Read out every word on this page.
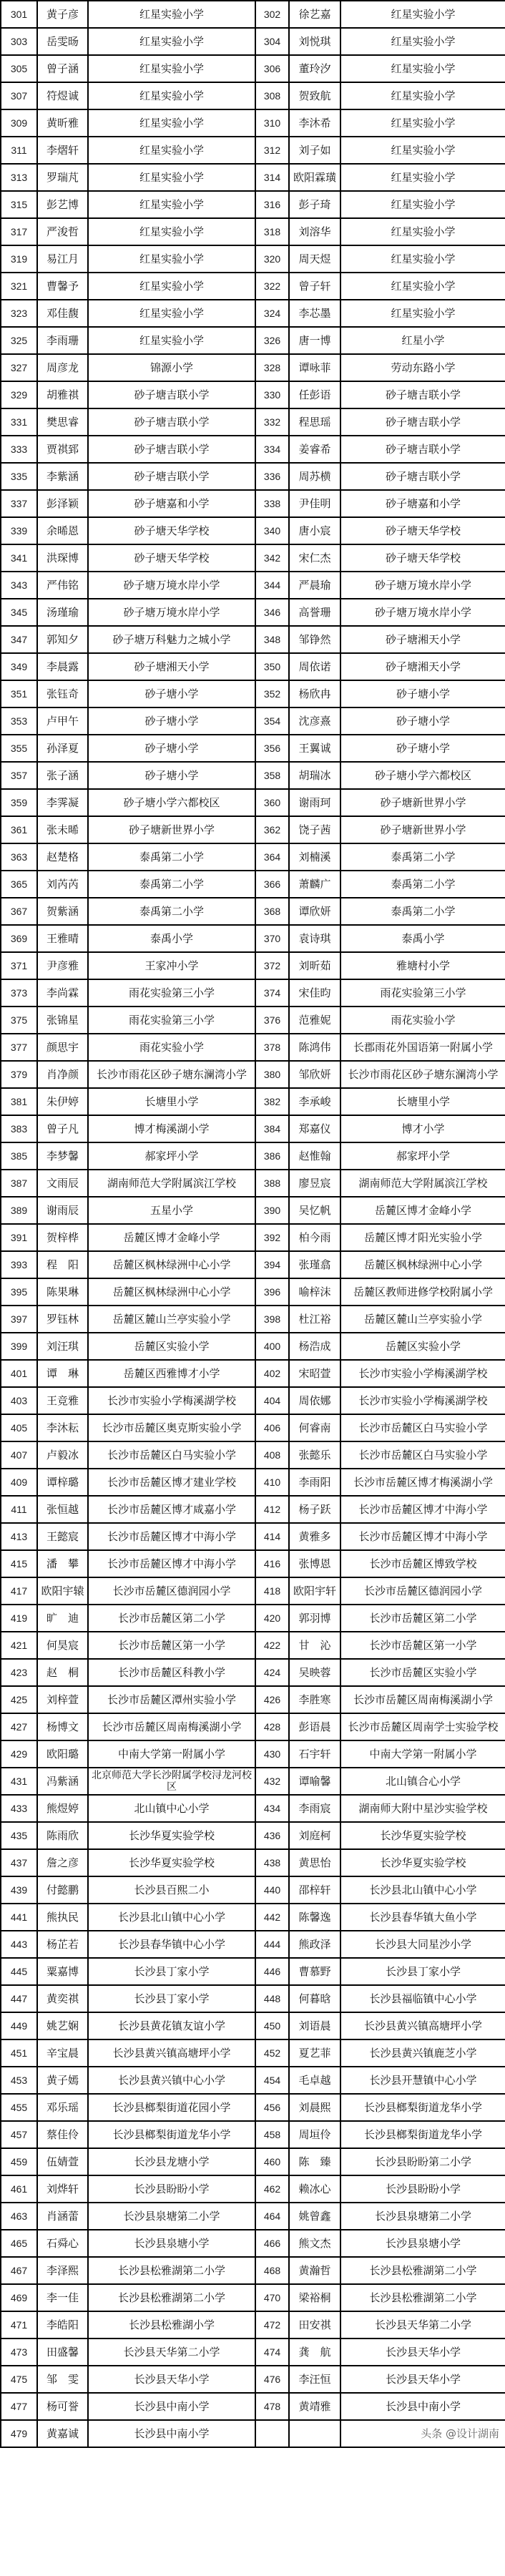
301	黄子彦	红星实验小学	302	徐艺嘉	红星实验小学
303	岳雯旸	红星实验小学	304	刘悦琪	红星实验小学
305	曾子涵	红星实验小学	306	董玲汐	红星实验小学
307	符煜诚	红星实验小学	308	贺致航	红星实验小学
309	黄昕雅	红星实验小学	310	李沐希	红星实验小学
311	李熠轩	红星实验小学	312	刘子如	红星实验小学
313	罗瑞芃	红星实验小学	314	欧阳霖璜	红星实验小学
315	彭艺博	红星实验小学	316	彭子琦	红星实验小学
317	严浚哲	红星实验小学	318	刘溶华	红星实验小学
319	易江月	红星实验小学	320	周天煜	红星实验小学
321	曹馨予	红星实验小学	322	曾子轩	红星实验小学
323	邓佳馥	红星实验小学	324	李芯墨	红星实验小学
325	李雨珊	红星实验小学	326	唐一博	红星小学
327	周彦龙	锦源小学	328	谭咏菲	劳动东路小学
329	胡雅祺	砂子塘吉联小学	330	任彭语	砂子塘吉联小学
331	樊思睿	砂子塘吉联小学	332	程思瑶	砂子塘吉联小学
333	贾祺郅	砂子塘吉联小学	334	姜睿希	砂子塘吉联小学
335	李紫涵	砂子塘吉联小学	336	周苏横	砂子塘吉联小学
337	彭泽颖	砂子塘嘉和小学	338	尹佳明	砂子塘嘉和小学
339	余晞恩	砂子塘天华学校	340	唐小宸	砂子塘天华学校
341	洪琛博	砂子塘天华学校	342	宋仁杰	砂子塘天华学校
343	严伟铭	砂子塘万境水岸小学	344	严晨瑜	砂子塘万境水岸小学
345	汤瑾瑜	砂子塘万境水岸小学	346	高誉珊	砂子塘万境水岸小学
347	郭知夕	砂子塘万科魅力之城小学	348	邹铮然	砂子塘湘天小学
349	李晨露	砂子塘湘天小学	350	周依诺	砂子塘湘天小学
351	张钰奇	砂子塘小学	352	杨欣冉	砂子塘小学
353	卢甲午	砂子塘小学	354	沈彦熹	砂子塘小学
355	孙泽夏	砂子塘小学	356	王翼诚	砂子塘小学
357	张子涵	砂子塘小学	358	胡瑞冰	砂子塘小学六都校区
359	李霁凝	砂子塘小学六都校区	360	谢雨珂	砂子塘新世界小学
361	张未晞	砂子塘新世界小学	362	饶子茜	砂子塘新世界小学
363	赵楚格	泰禹第二小学	364	刘楠溪	泰禹第二小学
365	刘芮芮	泰禹第二小学	366	萧麟广	泰禹第二小学
367	贺紫涵	泰禹第二小学	368	谭欣妍	泰禹第二小学
369	王雅晴	泰禹小学	370	袁诗琪	泰禹小学
371	尹彦雅	王家冲小学	372	刘昕茹	雅塘村小学
373	李尚霖	雨花实验第三小学	374	宋佳昀	雨花实验第三小学
375	张锦星	雨花实验第三小学	376	范雅妮	雨花实验小学
377	颜思宇	雨花实验小学	378	陈鸿伟	长郡雨花外国语第一附属小学
379	肖净颜	长沙市雨花区砂子塘东澜湾小学	380	邹欣妍	长沙市雨花区砂子塘东澜湾小学
381	朱伊婷	长塘里小学	382	李承峻	长塘里小学
383	曾子凡	博才梅溪湖小学	384	郑嘉仪	博才小学
385	李梦馨	郝家坪小学	386	赵惟翰	郝家坪小学
387	文雨辰	湖南师范大学附属滨江学校	388	廖昱宸	湖南师范大学附属滨江学校
389	谢雨辰	五星小学	390	吴忆帆	岳麓区博才金峰小学
391	贺梓桦	岳麓区博才金峰小学	392	柏今雨	岳麓区博才阳光实验小学
393	程　阳	岳麓区枫林绿洲中心小学	394	张瑾翕	岳麓区枫林绿洲中心小学
395	陈果琳	岳麓区枫林绿洲中心小学	396	喻梓沫	岳麓区教师进修学校附属小学
397	罗钰林	岳麓区麓山兰亭实验小学	398	杜江裕	岳麓区麓山兰亭实验小学
399	刘汪琪	岳麓区实验小学	400	杨浩成	岳麓区实验小学
401	谭　琳	岳麓区西雅博才小学	402	宋昭萱	长沙市实验小学梅溪湖学校
403	王竞雅	长沙市实验小学梅溪湖学校	404	周依娜	长沙市实验小学梅溪湖学校
405	李沐耘	长沙市岳麓区奥克斯实验小学	406	何睿南	长沙市岳麓区白马实验小学
407	卢毅冰	长沙市岳麓区白马实验小学	408	张懿乐	长沙市岳麓区白马实验小学
409	谭梓璐	长沙市岳麓区博才建业学校	410	李雨阳	长沙市岳麓区博才梅溪湖小学
411	张恒越	长沙市岳麓区博才咸嘉小学	412	杨子跃	长沙市岳麓区博才中海小学
413	王懿宸	长沙市岳麓区博才中海小学	414	黄雅多	长沙市岳麓区博才中海小学
415	潘　攀	长沙市岳麓区博才中海小学	416	张博恩	长沙市岳麓区博致学校
417	欧阳宇辕	长沙市岳麓区德润园小学	418	欧阳宇轩	长沙市岳麓区德润园小学
419	旷　迪	长沙市岳麓区第二小学	420	郭羽博	长沙市岳麓区第二小学
421	何昊宸	长沙市岳麓区第一小学	422	甘　沁	长沙市岳麓区第一小学
423	赵　桐	长沙市岳麓区科教小学	424	吴映蓉	长沙市岳麓区实验小学
425	刘梓萱	长沙市岳麓区潭州实验小学	426	李胜寒	长沙市岳麓区周南梅溪湖小学
427	杨博文	长沙市岳麓区周南梅溪湖小学	428	彭语晨	长沙市岳麓区周南学士实验学校
429	欧阳璐	中南大学第一附属小学	430	石宇轩	中南大学第一附属小学
431	冯紫涵	北京师范大学长沙附属学校浔龙河校区	432	谭喻馨	北山镇合心小学
433	熊煜婷	北山镇中心小学	434	李雨宸	湖南师大附中星沙实验学校
435	陈雨欣	长沙华夏实验学校	436	刘庭柯	长沙华夏实验学校
437	詹之彦	长沙华夏实验学校	438	黄思怡	长沙华夏实验学校
439	付懿鹏	长沙县百熙二小	440	邵梓轩	长沙县北山镇中心小学
441	熊执民	长沙县北山镇中心小学	442	陈馨逸	长沙县春华镇大鱼小学
443	杨芷若	长沙县春华镇中心小学	444	熊政泽	长沙县大同星沙小学
445	粟嘉博	长沙县丁家小学	446	曹慕野	长沙县丁家小学
447	黄奕祺	长沙县丁家小学	448	何暮晗	长沙县福临镇中心小学
449	姚艺娴	长沙县黄花镇友谊小学	450	刘语晨	长沙县黄兴镇高塘坪小学
451	辛宝晨	长沙县黄兴镇高塘坪小学	452	夏艺菲	长沙县黄兴镇鹿芝小学
453	黄子嫣	长沙县黄兴镇中心小学	454	毛卓越	长沙县开慧镇中心小学
455	邓乐瑶	长沙县榔梨街道花园小学	456	刘晨熙	长沙县榔梨街道龙华小学
457	蔡佳伶	长沙县榔梨街道龙华小学	458	周垣伶	长沙县榔梨街道龙华小学
459	伍婧萱	长沙县龙塘小学	460	陈　臻	长沙县盼盼第二小学
461	刘烨轩	长沙县盼盼小学	462	赖冰心	长沙县盼盼小学
463	肖涵蕾	长沙县泉塘第二小学	464	姚曾鑫	长沙县泉塘第二小学
465	石舜心	长沙县泉塘小学	466	熊文杰	长沙县泉塘小学
467	李泽熙	长沙县松雅湖第二小学	468	黄瀚哲	长沙县松雅湖第二小学
469	李一佳	长沙县松雅湖第二小学	470	梁裕桐	长沙县松雅湖第二小学
471	李皓阳	长沙县松雅湖小学	472	田安祺	长沙县天华第二小学
473	田盛馨	长沙县天华第二小学	474	龚　航	长沙县天华小学
475	邹　雯	长沙县天华小学	476	李汪恒	长沙县天华小学
477	杨可誉	长沙县中南小学	478	黄靖雅	长沙县中南小学
479	黄嘉诚	长沙县中南小学			头条 @设计湖南
